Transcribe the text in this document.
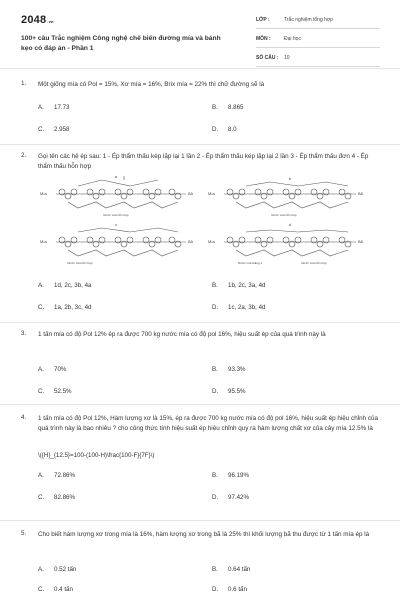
2048.vn
100+ câu Trắc nghiệm Công nghệ chế biến đường mía và bánh kẹo có đáp án - Phần 1
LỚP :	Trắc nghiệm tổng hợp
MÔN :	Đại học
SỐ CÂU : 10
1. Một giống mía có Pol = 15%, Xơ mía = 16%, Brix mía = 22% thì chữ đường sẽ là
A. 17.73	B. 8.865
C. 2.958	D. 8.0
2. Gọi tên các hệ ép sau: 1 - Ép thẩm thấu kép lặp lại 1 lần 2 - Ép thẩm thấu kép lặp lại 2 lần 3 - Ép thẩm thấu đơn 4 - Ép thẩm thấu hỗn hợp
a	b
c	d
Mía	Mía
Mía	Mía
Bã	Bã
Bã	Bã
Nước mía hỗn hợp	Nước mía hỗn hợp
Nước mía hỗn hợp	Nước mía loãng 1	Nước mía hỗn hợp
A. 1d, 2c, 3b, 4a	B. 1b, 2c, 3a, 4d
C. 1a, 2b, 3c, 4d	D. 1c, 2a, 3b, 4d
3. 1 tấn mía có độ Pol 12% ép ra được 700 kg nước mía có độ pol 16%, hiệu suất ép của quá trình này là
A. 70%	B. 93.3%
C. 52.5%	D. 95.5%
4. 1 tấn mía có độ Pol 12%, Hàm lượng xơ là 15%, ép ra được 700 kg nước mía có độ pol 16%, hiệu suất ép hiệu chỉnh của quá trình này là bao nhiêu ? cho công thức tính hiệu suất ép hiệu chỉnh quy ra hàm lượng chất xơ của cây mía 12.5% là
\({H}_{12.5}=100-(100-H)\frac{100-F}{7F}\)
A. 72.86%	B. 96.19%
C. 82.86%	D. 97.42%
5. Cho biết hàm lượng xơ trong mía là 16%, hàm lượng xơ trong bã là 25% thì khối lượng bã thu được từ 1 tấn mía ép là
A. 0.52 tấn	B. 0.64 tấn
C. 0.4 tấn	D. 0.6 tấn
